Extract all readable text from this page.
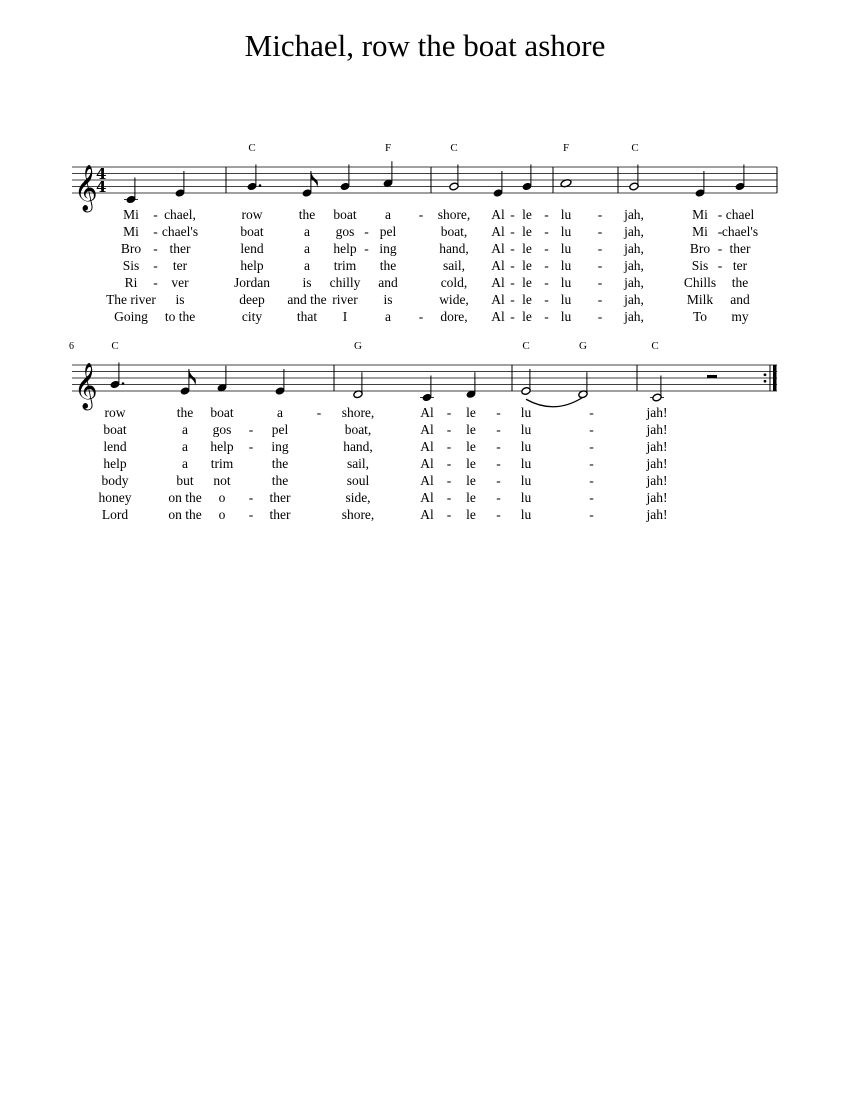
Michael, row the boat ashore
𝄞
4
4
C	F	C	F	C
Mi - chael,	row	the boat a - shore, Al - le - lu - jah,	Mi - chael
Mi - chael's	boat	a gos - pel	boat, Al - le - lu - jah,	Mi - chael's
Bro - ther	lend	a help - ing	hand, Al - le - lu - jah,	Bro - ther
Sis - ter	help	a trim the	sail, Al - le - lu - jah,	Sis - ter
Ri - ver	Jordan is chilly and	cold, Al - le - lu - jah,	Chills the
The river is	deep and the river is	wide, Al - le - lu - jah,	Milk and
Going to the	city	that I	a - dore, Al - le - lu - jah,	To my
𝄞
6	C	G	C	G	C
row	the boat	a	- shore,	Al - le - lu	-	jah!
boat	a gos - pel	boat,	Al - le - lu	-	jah!
lend	a help - ing	hand,	Al - le - lu	-	jah!
help	a trim	the	sail,	Al - le - lu	-	jah!
body	but not	the	soul	Al - le - lu	-	jah!
honey	on the o - ther	side,	Al - le - lu	-	jah!
Lord	on the o - ther	shore,	Al - le - lu	-	jah!
